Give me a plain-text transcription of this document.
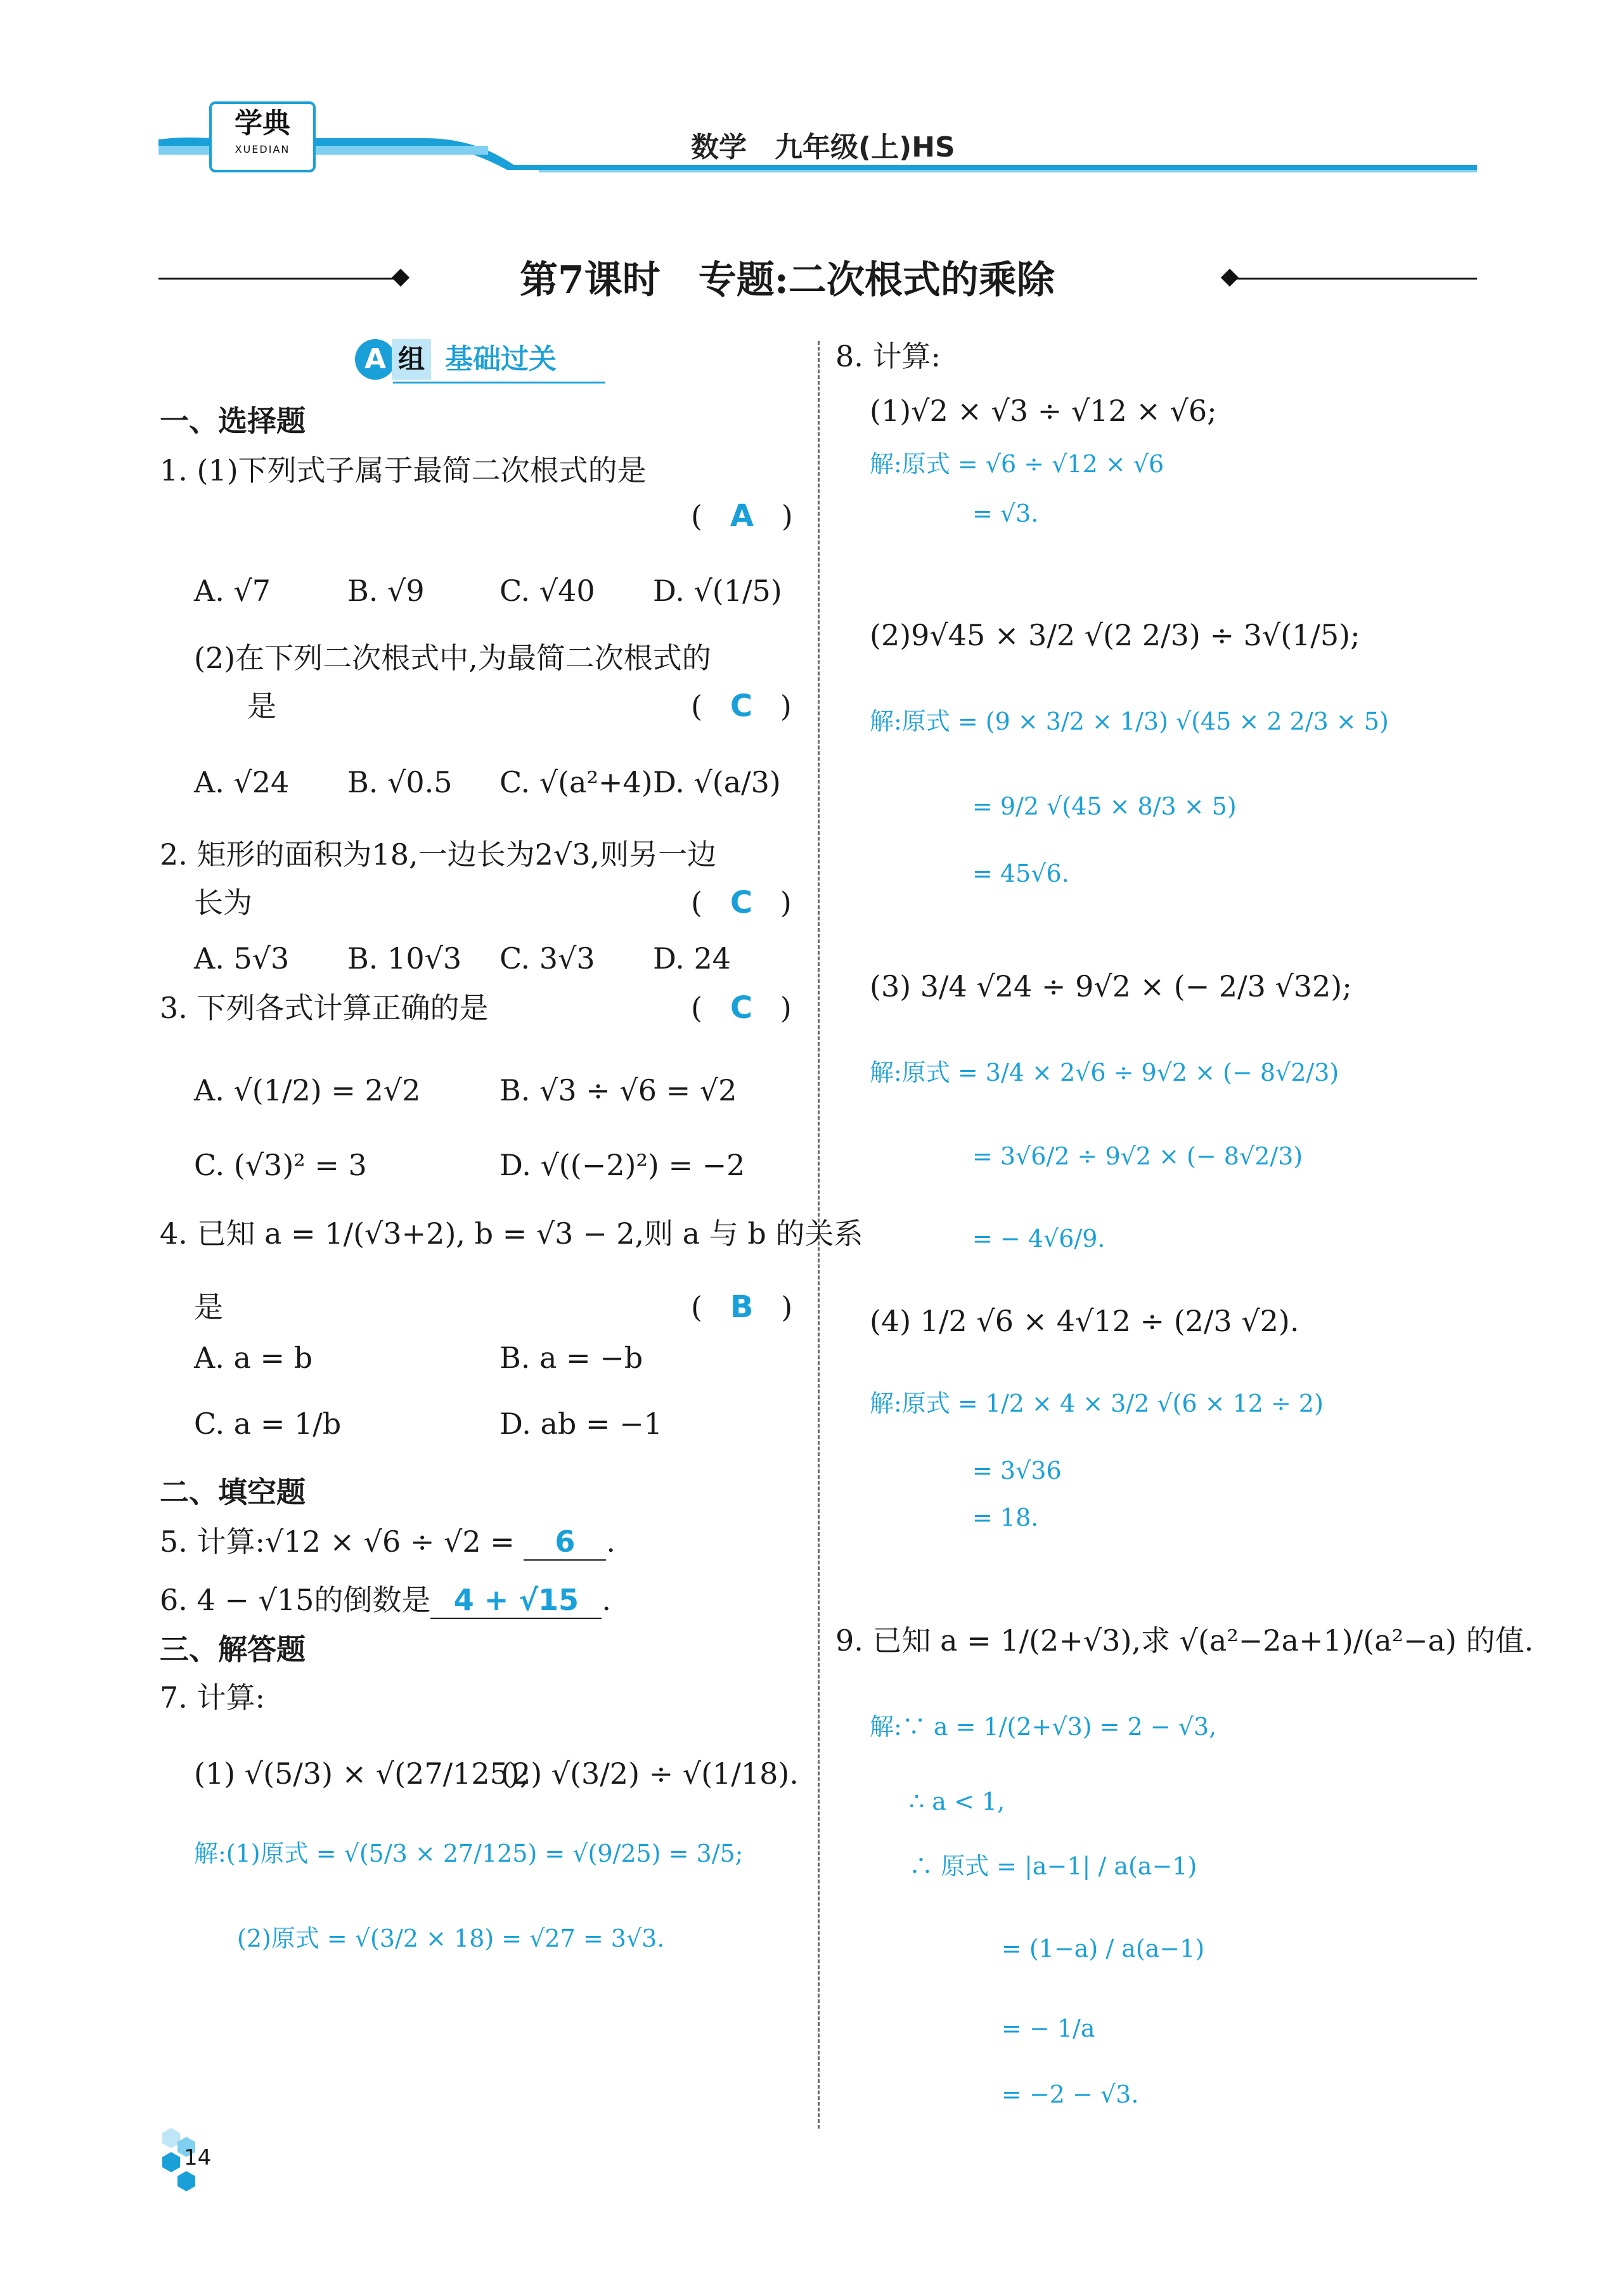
学典
XUEDIAN	数学　九年级(上)HS
第7课时　专题:二次根式的乘除
A 组 基础过关
一、选择题
1. (1)下列式子属于最简二次根式的是
(   A   )
A. √7	B. √9	C. √40 D. √(1/5)
(2)在下列二次根式中,为最简二次根式的
是	(   C   )
A. √24 B. √0.5 C. √(a²+4) D. √(a/3)
2. 矩形的面积为18,一边长为2√3,则另一边
长为	(   C   )
A. 5√3 B. 10√3 C. 3√3 D. 24
3. 下列各式计算正确的是	(   C   )
A. √(1/2) = 2√2	B. √3 ÷ √6 = √2
C. (√3)² = 3	D. √((−2)²) = −2
4. 已知 a = 1/(√3+2), b = √3 − 2,则 a 与 b 的关系
是	(   B   )
A. a = b	B. a = −b
C. a = 1/b	D. ab = −1
二、填空题
5. 计算:√12 × √6 ÷ √2 = 6 .
6. 4 − √15的倒数是 4 + √15 .
三、解答题
7. 计算:
(1) √(5/3) × √(27/125);
(2) √(3/2) ÷ √(1/18).
解:(1)原式 = √(5/3 × 27/125) = √(9/25) = 3/5;
(2)原式 = √(3/2 × 18) = √27 = 3√3.
8. 计算:
(1)√2 × √3 ÷ √12 × √6;
解:原式 = √6 ÷ √12 × √6
= √3.
(2)9√45 × 3/2 √(2 2/3) ÷ 3√(1/5);
解:原式 = (9 × 3/2 × 1/3) √(45 × 2 2/3 × 5)
= 9/2 √(45 × 8/3 × 5)
= 45√6.
(3) 3/4 √24 ÷ 9√2 × (− 2/3 √32);
解:原式 = 3/4 × 2√6 ÷ 9√2 × (− 8√2/3)
= 3√6/2 ÷ 9√2 × (− 8√2/3)
= − 4√6/9.
(4) 1/2 √6 × 4√12 ÷ (2/3 √2).
解:原式 = 1/2 × 4 × 3/2 √(6 × 12 ÷ 2)
= 3√36
= 18.
9. 已知 a = 1/(2+√3),求 √(a²−2a+1)/(a²−a) 的值.
解:∵ a = 1/(2+√3) = 2 − √3,
∴ a < 1,
∴ 原式 = |a−1| / a(a−1)
= (1−a) / a(a−1)
= − 1/a
= −2 − √3.
14
